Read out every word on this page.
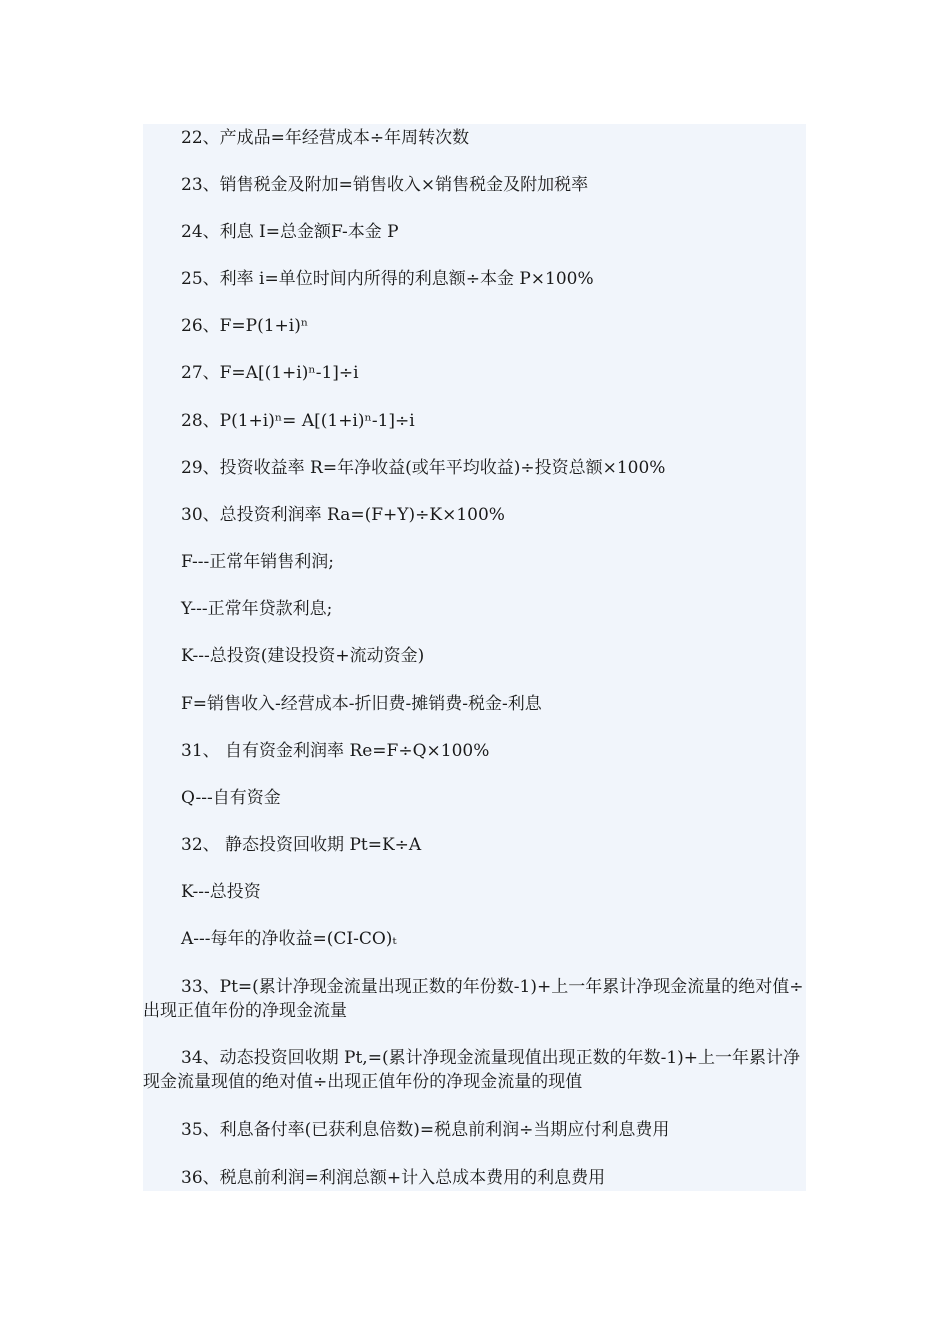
22、产成品=年经营成本÷年周转次数
23、销售税金及附加=销售收入×销售税金及附加税率
24、利息 I=总金额F-本金 P
25、利率 i=单位时间内所得的利息额÷本金 P×100%
26、F=P(1+i)ⁿ
27、F=A[(1+i)ⁿ-1]÷i
28、P(1+i)ⁿ= A[(1+i)ⁿ-1]÷i
29、投资收益率 R=年净收益(或年平均收益)÷投资总额×100%
30、总投资利润率 Ra=(F+Y)÷K×100%
F---正常年销售利润;
Y---正常年贷款利息;
K---总投资(建设投资+流动资金)
F=销售收入-经营成本-折旧费-摊销费-税金-利息
31、 自有资金利润率 Re=F÷Q×100%
Q---自有资金
32、 静态投资回收期 Pt=K÷A
K---总投资
A---每年的净收益=(CI-CO)ₜ
33、Pt=(累计净现金流量出现正数的年份数-1)+上一年累计净现金流量的绝对值÷出现正值年份的净现金流量
34、动态投资回收期 Pt,=(累计净现金流量现值出现正数的年数-1)+上一年累计净现金流量现值的绝对值÷出现正值年份的净现金流量的现值
35、利息备付率(已获利息倍数)=税息前利润÷当期应付利息费用
36、税息前利润=利润总额+计入总成本费用的利息费用
